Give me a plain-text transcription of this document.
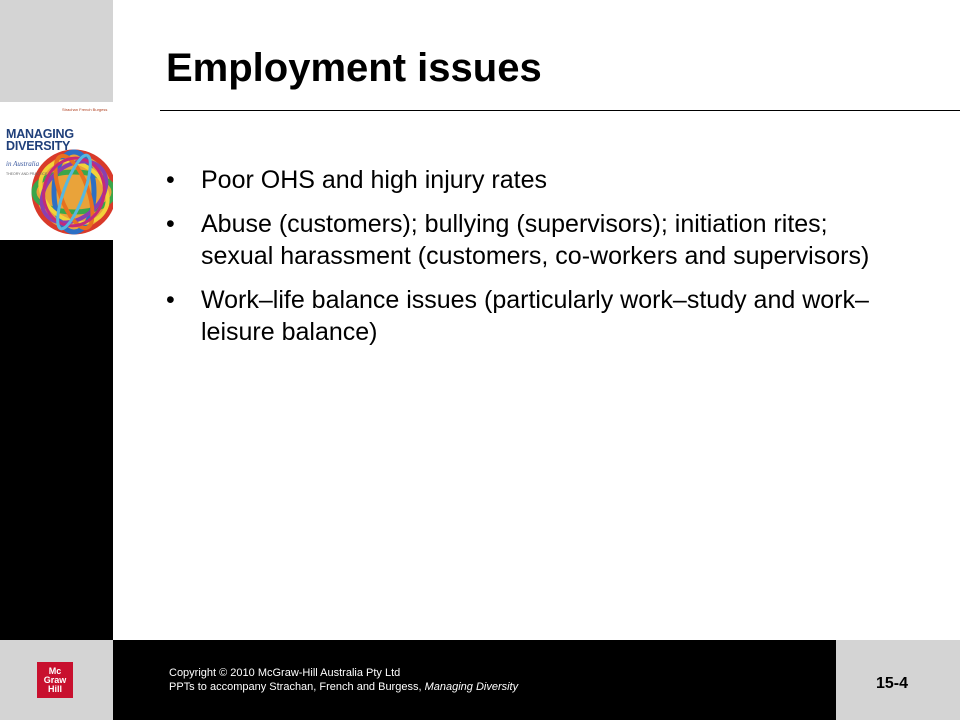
Strachan French Burgess
MANAGING
DIVERSITY
in Australia
THEORY AND PRACTICE
Employment issues
• Poor OHS and high injury rates
• Abuse (customers); bullying (supervisors); initiation rites; sexual harassment (customers, co-workers and supervisors)
• Work–life balance issues (particularly work–study and work–leisure balance)
Mc
Graw
Hill
Copyright © 2010 McGraw-Hill Australia Pty Ltd
PPTs to accompany Strachan, French and Burgess, Managing Diversity	15-4
